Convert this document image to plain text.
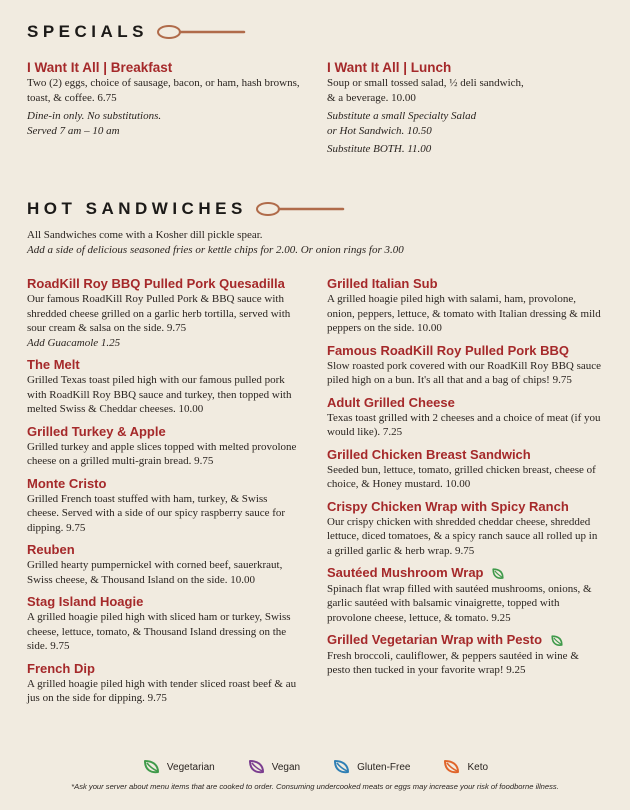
SPECIALS
I Want It All | Breakfast
Two (2) eggs, choice of sausage, bacon, or ham, hash browns, toast, & coffee. 6.75
Dine-in only. No substitutions.
Served 7 am – 10 am
I Want It All | Lunch
Soup or small tossed salad, ½ deli sandwich,
& a beverage. 10.00
Substitute a small Specialty Salad
or Hot Sandwich. 10.50
Substitute BOTH. 11.00
HOT SANDWICHES
All Sandwiches come with a Kosher dill pickle spear.
Add a side of delicious seasoned fries or kettle chips for 2.00. Or onion rings for 3.00
RoadKill Roy BBQ Pulled Pork Quesadilla
Our famous RoadKill Roy Pulled Pork & BBQ sauce with shredded cheese grilled on a garlic herb tortilla, served with sour cream & salsa on the side. 9.75
Add Guacamole 1.25
The Melt
Grilled Texas toast piled high with our famous pulled pork with RoadKill Roy BBQ sauce and turkey, then topped with melted Swiss & Cheddar cheeses. 10.00
Grilled Turkey & Apple
Grilled turkey and apple slices topped with melted provolone cheese on a grilled multi-grain bread. 9.75
Monte Cristo
Grilled French toast stuffed with ham, turkey, & Swiss cheese. Served with a side of our spicy raspberry sauce for dipping. 9.75
Reuben
Grilled hearty pumpernickel with corned beef, sauerkraut, Swiss cheese, & Thousand Island on the side. 10.00
Stag Island Hoagie
A grilled hoagie piled high with sliced ham or turkey, Swiss cheese, lettuce, tomato, & Thousand Island dressing on the side. 9.75
French Dip
A grilled hoagie piled high with tender sliced roast beef & au jus on the side for dipping. 9.75
Grilled Italian Sub
A grilled hoagie piled high with salami, ham, provolone, onion, peppers, lettuce, & tomato with Italian dressing & mild peppers on the side. 10.00
Famous RoadKill Roy Pulled Pork BBQ
Slow roasted pork covered with our RoadKill Roy BBQ sauce piled high on a bun. It's all that and a bag of chips! 9.75
Adult Grilled Cheese
Texas toast grilled with 2 cheeses and a choice of meat (if you would like). 7.25
Grilled Chicken Breast Sandwich
Seeded bun, lettuce, tomato, grilled chicken breast, cheese of choice, & Honey mustard. 10.00
Crispy Chicken Wrap with Spicy Ranch
Our crispy chicken with shredded cheddar cheese, shredded lettuce, diced tomatoes, & a spicy ranch sauce all rolled up in a grilled garlic & herb wrap. 9.75
Sautéed Mushroom Wrap
Spinach flat wrap filled with sautéed mushrooms, onions, & garlic sautéed with balsamic vinaigrette, topped with provolone cheese, lettuce, & tomato. 9.25
Grilled Vegetarian Wrap with Pesto
Fresh broccoli, cauliflower, & peppers sautéed in wine & pesto then tucked in your favorite wrap! 9.25
Vegetarian	Vegan	Gluten-Free	Keto
*Ask your server about menu items that are cooked to order. Consuming undercooked meats or eggs may increase your risk of foodborne illness.
